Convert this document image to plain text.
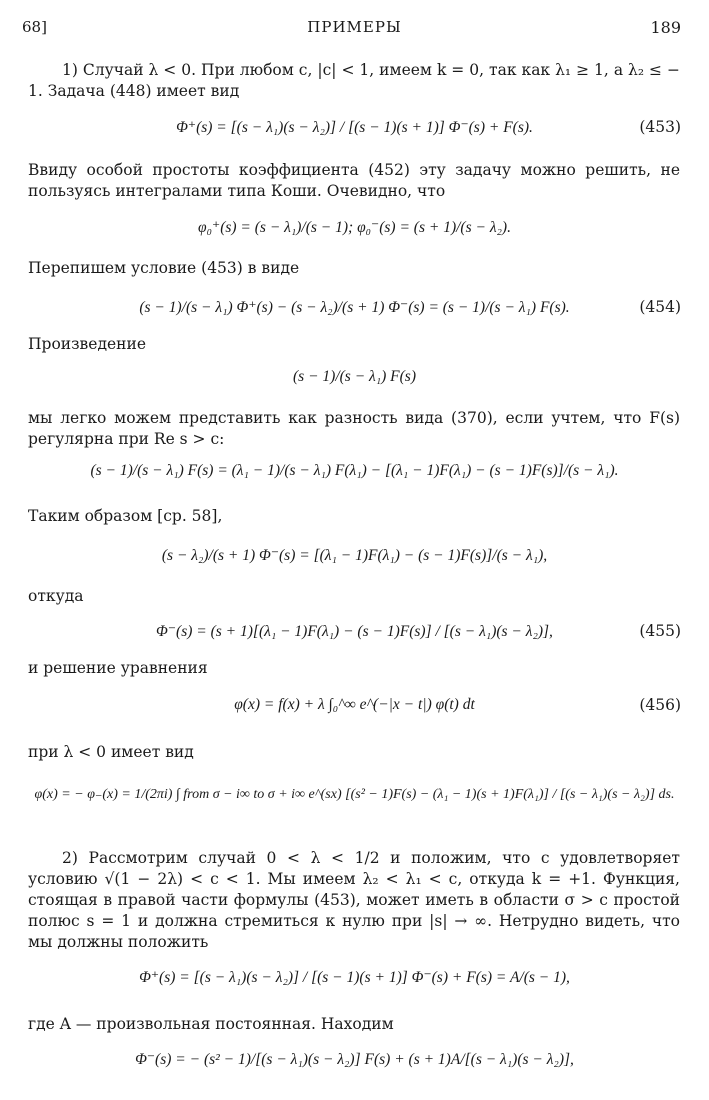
68]	ПРИМЕРЫ	189
1) Случай λ < 0. При любом c, |c| < 1, имеем k = 0, так как λ₁ ≥ 1, а λ₂ ≤ − 1. Задача (448) имеет вид
Φ⁺(s) = [(s − λ₁)(s − λ₂)] / [(s − 1)(s + 1)] Φ⁻(s) + F(s).	(453)
Ввиду особой простоты коэффициента (452) эту задачу можно решить, не пользуясь интегралами типа Коши. Очевидно, что
φ₀⁺(s) = (s − λ₁)/(s − 1); φ₀⁻(s) = (s + 1)/(s − λ₂).
Перепишем условие (453) в виде
(s − 1)/(s − λ₁) Φ⁺(s) − (s − λ₂)/(s + 1) Φ⁻(s) = (s − 1)/(s − λ₁) F(s).	(454)
Произведение
(s − 1)/(s − λ₁) F(s)
мы легко можем представить как разность вида (370), если учтем, что F(s) регулярна при Re s > c:
(s − 1)/(s − λ₁) F(s) = (λ₁ − 1)/(s − λ₁) F(λ₁) − [(λ₁ − 1)F(λ₁) − (s − 1)F(s)]/(s − λ₁).
Таким образом [ср. 58],
(s − λ₂)/(s + 1) Φ⁻(s) = [(λ₁ − 1)F(λ₁) − (s − 1)F(s)]/(s − λ₁),
откуда
Φ⁻(s) = (s + 1)[(λ₁ − 1)F(λ₁) − (s − 1)F(s)] / [(s − λ₁)(s − λ₂)],	(455)
и решение уравнения
φ(x) = f(x) + λ ∫₀^∞ e^(−|x − t|) φ(t) dt	(456)
при λ < 0 имеет вид
φ(x) = − φ₋(x) = 1/(2πi) ∫ from σ − i∞ to σ + i∞ e^(sx) [(s² − 1)F(s) − (λ₁ − 1)(s + 1)F(λ₁)] / [(s − λ₁)(s − λ₂)] ds.
2) Рассмотрим случай 0 < λ < 1/2 и положим, что c удовлетворяет условию √(1 − 2λ) < c < 1. Мы имеем λ₂ < λ₁ < c, откуда k = +1. Функция, стоящая в правой части формулы (453), может иметь в области σ > c простой полюс s = 1 и должна стремиться к нулю при |s| → ∞. Нетрудно видеть, что мы должны положить
Φ⁺(s) = [(s − λ₁)(s − λ₂)] / [(s − 1)(s + 1)] Φ⁻(s) + F(s) = A/(s − 1),
где A — произвольная постоянная. Находим
Φ⁻(s) = − (s² − 1)/[(s − λ₁)(s − λ₂)] F(s) + (s + 1)A/[(s − λ₁)(s − λ₂)],
